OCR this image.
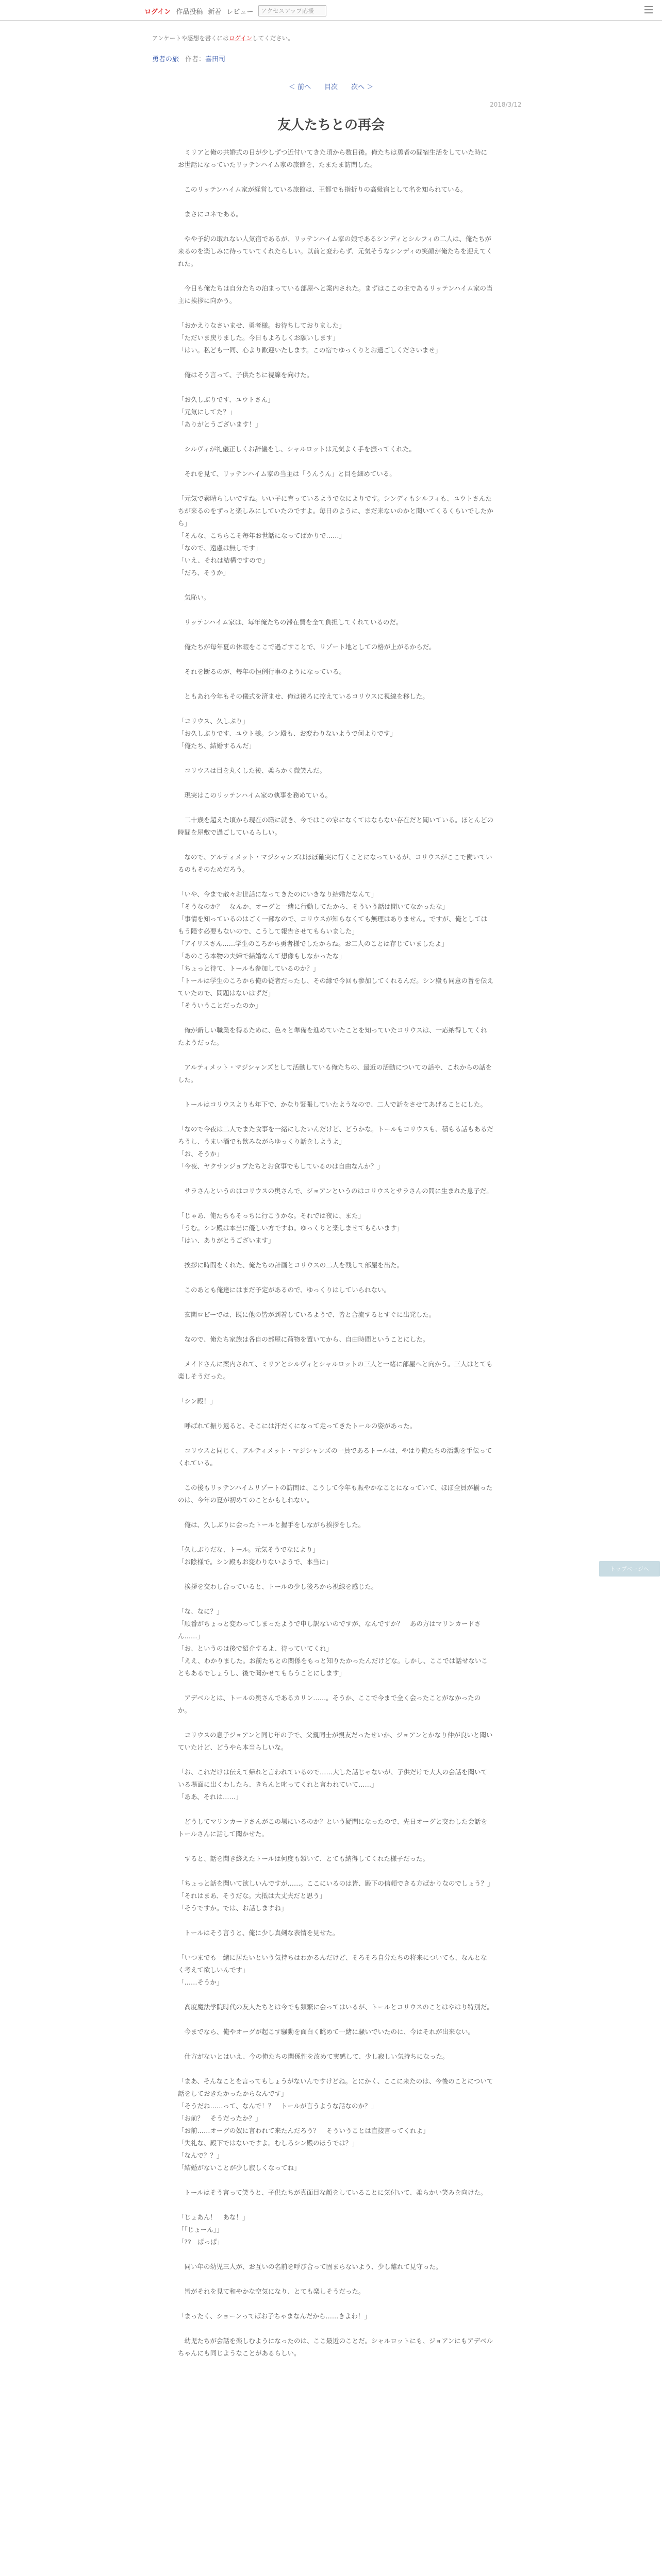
ログイン 作品投稿 新着 レビュー	アクセスアップ応援
アンケートや感想を書くにはログインしてください。
勇者の旅 作者：喜田司
＜ 前へ 目次 次へ ＞
2018/3/12
友人たちとの再会

　ミリアと俺の共婚式の日が少しずつ近付いてきた頃から数日後。俺たちは勇者の間宿生活をしていた時にお世話になっていたリッテンハイム家の旅館を、たまたま訪問した。

　このリッテンハイム家が経営している旅館は、王都でも指折りの高級宿として名を知られている。

　まさにコネである。

　やや予約の取れない人気宿であるが、リッテンハイム家の娘であるシンディとシルフィの二人は、俺たちが来るのを楽しみに待っていてくれたらしい。以前と変わらず、元気そうなシンディの笑顔が俺たちを迎えてくれた。

　今日も俺たちは自分たちの泊まっている部屋へと案内された。まずはここの主であるリッテンハイム家の当主に挨拶に向かう。

「おかえりなさいませ、勇者様。お待ちしておりました」

「ただいま戻りました。今日もよろしくお願いします」

「はい。私ども一同、心より歓迎いたします。この宿でゆっくりとお過ごしくださいませ」

　俺はそう言って、子供たちに視線を向けた。

「お久しぶりです、ユウトさん」

「元気にしてた？」

「ありがとうございます！」

　シルヴィが礼儀正しくお辞儀をし、シャルロットは元気よく手を振ってくれた。

　それを見て、リッテンハイム家の当主は「うんうん」と目を細めている。

「元気で素晴らしいですね。いい子に育っているようでなによりです。シンディもシルフィも、ユウトさんたちが来るのをずっと楽しみにしていたのですよ。毎日のように、まだ来ないのかと聞いてくるくらいでしたから」

「そんな、こちらこそ毎年お世話になってばかりで……」

「なので、遠慮は無しです」

「いえ、それは結構ですので」

「だろ、そうか」

　気恥い。

　リッテンハイム家は、毎年俺たちの滞在費を全て負担してくれているのだ。

　俺たちが毎年夏の休暇をここで過ごすことで、リゾート地としての格が上がるからだ。

　それを断るのが、毎年の恒例行事のようになっている。

　ともあれ今年もその儀式を済ませ、俺は後ろに控えているコリウスに視線を移した。

「コリウス、久しぶり」

「お久しぶりです、ユウト様。シン殿も、お変わりないようで何よりです」

「俺たち、結婚するんだ」

　コリウスは目を丸くした後、柔らかく微笑んだ。

　現実はこのリッテンハイム家の執事を務めている。

　二十歳を超えた頃から現在の職に就き、今ではこの家になくてはならない存在だと聞いている。ほとんどの時間を屋敷で過ごしているらしい。

　なので、アルティメット・マジシャンズはほぼ確実に行くことになっているが、コリウスがここで働いているのもそのためだろう。

「いや、今まで散々お世話になってきたのにいきなり結婚だなんて」

「そうなのか？　なんか、オーグと一緒に行動してたから、そういう話は聞いてなかったな」

「事情を知っているのはごく一部なので、コリウスが知らなくても無理はありません。ですが、俺としてはもう隠す必要もないので、こうして報告させてもらいました」

「アイリスさん……学生のころから勇者様でしたからね。お二人のことは存じていましたよ」

「あのころ本物の夫婦で結婚なんて想像もしなかったな」

「ちょっと待て、トールも参加しているのか？」

「トールは学生のころから俺の従者だったし、その縁で今回も参加してくれるんだ。シン殿も同意の旨を伝えていたので、問題はないはずだ」

「そういうことだったのか」

　俺が新しい職業を得るために、色々と準備を進めていたことを知っていたコリウスは、一応納得してくれたようだった。

　アルティメット・マジシャンズとして活動している俺たちの、最近の活動についての話や、これからの話をした。

　トールはコリウスよりも年下で、かなり緊張していたようなので、二人で話をさせてあげることにした。

「なので今夜は二人でまた食事を一緒にしたいんだけど、どうかな。トールもコリウスも、積もる話もあるだろうし、うまい酒でも飲みながらゆっくり話をしようよ」

「お、そうか」

「今夜、ヤクサンジョブたちとお食事でもしているのは自由なんか？」

　サラさんというのはコリウスの奥さんで、ジョアンというのはコリウスとサラさんの間に生まれた息子だ。

「じゃあ、俺たちもそっちに行こうかな。それでは夜に、また」

「うむ。シン殿は本当に優しい方ですね。ゆっくりと楽しませてもらいます」

「はい、ありがとうございます」

　挨拶に時間をくれた、俺たちの計画とコリウスの二人を残して部屋を出た。

　このあとも俺達にはまだ予定があるので、ゆっくりはしていられない。

　玄関ロビーでは、既に他の皆が到着しているようで、皆と合流するとすぐに出発した。

　なので、俺たち家族は各自の部屋に荷物を置いてから、自由時間ということにした。

　メイドさんに案内されて、ミリアとシルヴィとシャルロットの三人と一緒に部屋へと向かう。三人はとても楽しそうだった。

「シン殿！」

　呼ばれて振り返ると、そこには汗だくになって走ってきたトールの姿があった。

　コリウスと同じく、アルティメット・マジシャンズの一員であるトールは、やはり俺たちの活動を手伝ってくれている。

　この後もリッテンハイムリゾートの訪問は、こうして今年も賑やかなことになっていて、ほぼ全員が揃ったのは、今年の夏が初めてのことかもしれない。

　俺は、久しぶりに会ったトールと握手をしながら挨拶をした。

「久しぶりだな、トール。元気そうでなにより」

「お陰様で。シン殿もお変わりないようで、本当に」

　挨拶を交わし合っていると、トールの少し後ろから視線を感じた。

「な、なに？」

「順番がちょっと変わってしまったようで申し訳ないのですが、なんですか？　あの方はマリンカードさん……」

「お、というのは後で紹介するよ、待っていてくれ」

「ええ、わかりました。お前たちとの関係をもっと知りたかったんだけどな。しかし、ここでは話せないこともあるでしょうし、後で聞かせてもらうことにします」

　アデベルとは、トールの奥さんであるカリン……。そうか、ここで今まで全く会ったことがなかったのか。

　コリウスの息子ジョアンと同じ年の子で、父親同士が親友だったせいか、ジョアンとかなり仲が良いと聞いていたけど、どうやら本当らしいな。

「お、これだけは伝えて帰れと言われているので……大した話じゃないが、子供だけで大人の会話を聞いている場面に出くわしたら、きちんと叱ってくれと言われていて……」

「ああ、それは……」

　どうしてマリンカードさんがこの場にいるのか？という疑問になったので、先日オーグと交わした会話をトールさんに話して聞かせた。

　すると、話を聞き終えたトールは何度も頷いて、とても納得してくれた様子だった。

「ちょっと話を聞いて欲しいんですが……。ここにいるのは皆、殿下の信頼できる方ばかりなのでしょう？」

「それはまあ、そうだな。大抵は大丈夫だと思う」

「そうですか。では、お話しますね」

　トールはそう言うと、俺に少し真剣な表情を見せた。

「いつまでも一緒に居たいという気持ちはわかるんだけど、そろそろ自分たちの将来についても、なんとなく考えて欲しいんです」

「……そうか」

　高度魔法学院時代の友人たちとは今でも頻繁に会ってはいるが、トールとコリウスのことはやはり特別だ。

　今までなら、俺やオーグが起こす騒動を面白く眺めて一緒に騒いでいたのに、今はそれが出来ない。

　仕方がないとはいえ、今の俺たちの関係性を改めて実感して、少し寂しい気持ちになった。

「まあ、そんなことを言ってもしょうがないんですけどね。とにかく、ここに来たのは、今後のことについて話をしておきたかったからなんです」

「そうだね……って、なんで！？　トールが言うような話なのか？」

「お前？　そうだったか？」

「お前……オーグの奴に言われて来たんだろう？　そういうことは直接言ってくれよ」

「失礼な、殿下ではないですよ。むしろシン殿のほうでは？」

「なんで？？」

「結婚がないことが少し寂しくなってね」

　トールはそう言って笑うと、子供たちが真面目な顔をしていることに気付いて、柔らかい笑みを向けた。

「じょあん！　あな！」

「「じょーん」」

「??　ぱっぱ」

　同い年の幼児三人が、お互いの名前を呼び合って固まらないよう、少し離れて見守った。

　皆がそれを見て和やかな空気になり、とても楽しそうだった。

「まったく、ショーンってばお子ちゃまなんだから……きよわ！」

　幼児たちが会話を楽しむようになったのは、ここ最近のことだ。シャルロットにも、ジョアンにもアデベルちゃんにも同じようなことがあるらしい。

トップページへ
